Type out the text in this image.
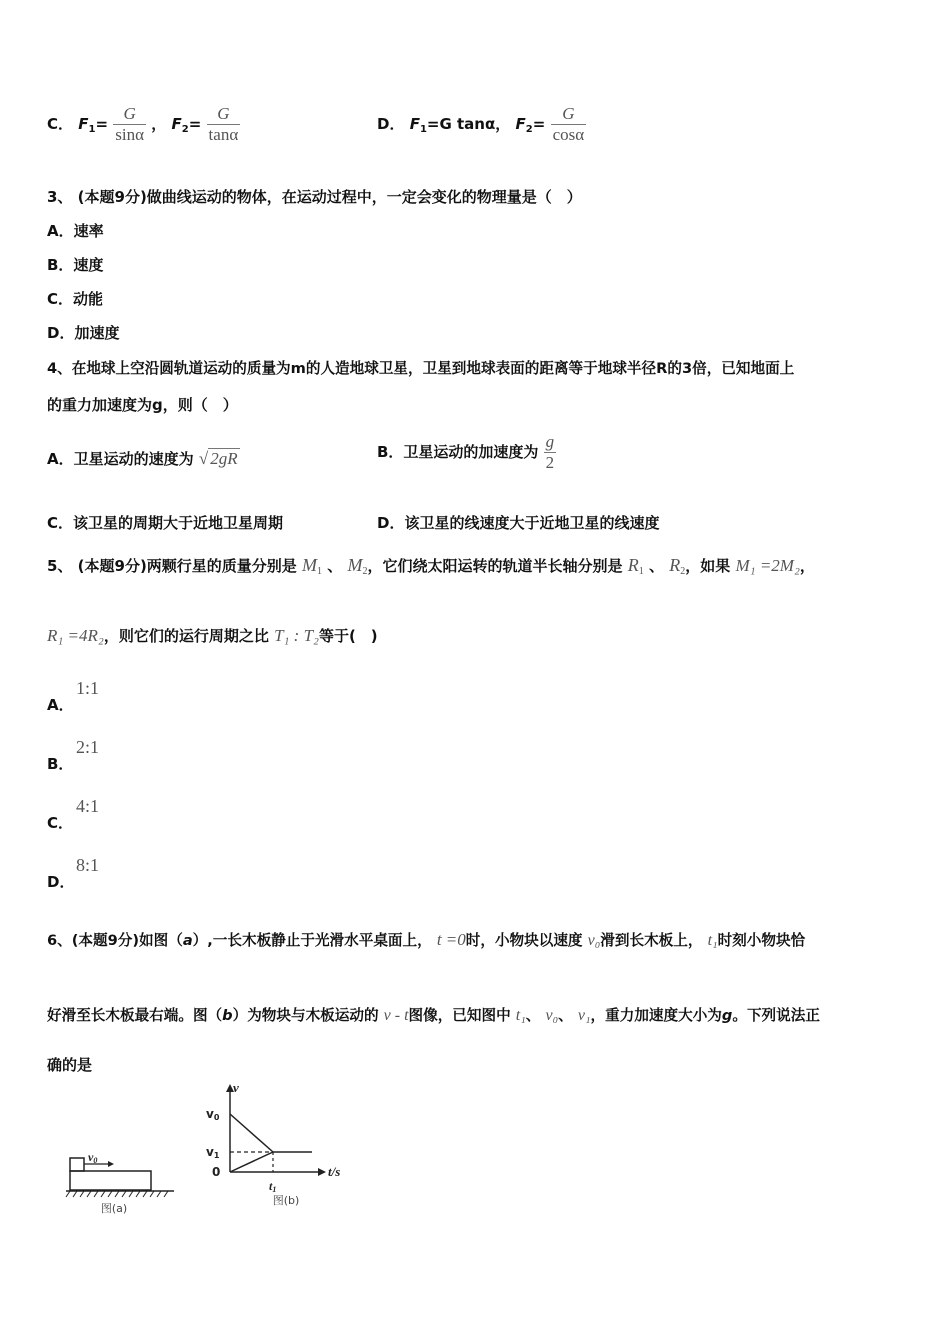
C． $F_1= \frac{G}{\sin\alpha}$ ， $F_2= \frac{G}{\tan\alpha}$	D． $F_1=G$ tanα， $F_2= \frac{G}{\cos\alpha}$
3、 (本题9分)做曲线运动的物体，在运动过程中，一定会变化的物理量是（　）
A．速率
B．速度
C．动能
D．加速度
4、在地球上空沿圆轨道运动的质量为m的人造地球卫星，卫星到地球表面的距离等于地球半径R的3倍，已知地面上
的重力加速度为g，则（　）
A．卫星运动的速度为 √ 2gR	B．卫星运动的加速度为 $\frac{g}{2}$
C．该卫星的周期大于近地卫星周期	D．该卫星的线速度大于近地卫星的线速度
5、 (本题9分)两颗行星的质量分别是 $M_1$ 、 $M_2$，它们绕太阳运转的轨道半长轴分别是 $R_1$ 、 $R_2$，如果 M₁ =2M₂，
R₁ =4R₂，则它们的运行周期之比 T₁ : T₂等于(　)
A．
1:1
B．
2:1
C．
4:1
D．
8:1
6、(本题9分)如图（a）,一长木板静止于光滑水平桌面上， t =0时，小物块以速度 v₀滑到长木板上， t₁时刻小物块恰
好滑至长木板最右端。图（b）为物块与木板运动的 v - t图像，已知图中 t₁、 v₀、 v₁，重力加速度大小为g。下列说法正
确的是
v0
图(a)
v
t/s
v0
v1
0
t1
图(b)
